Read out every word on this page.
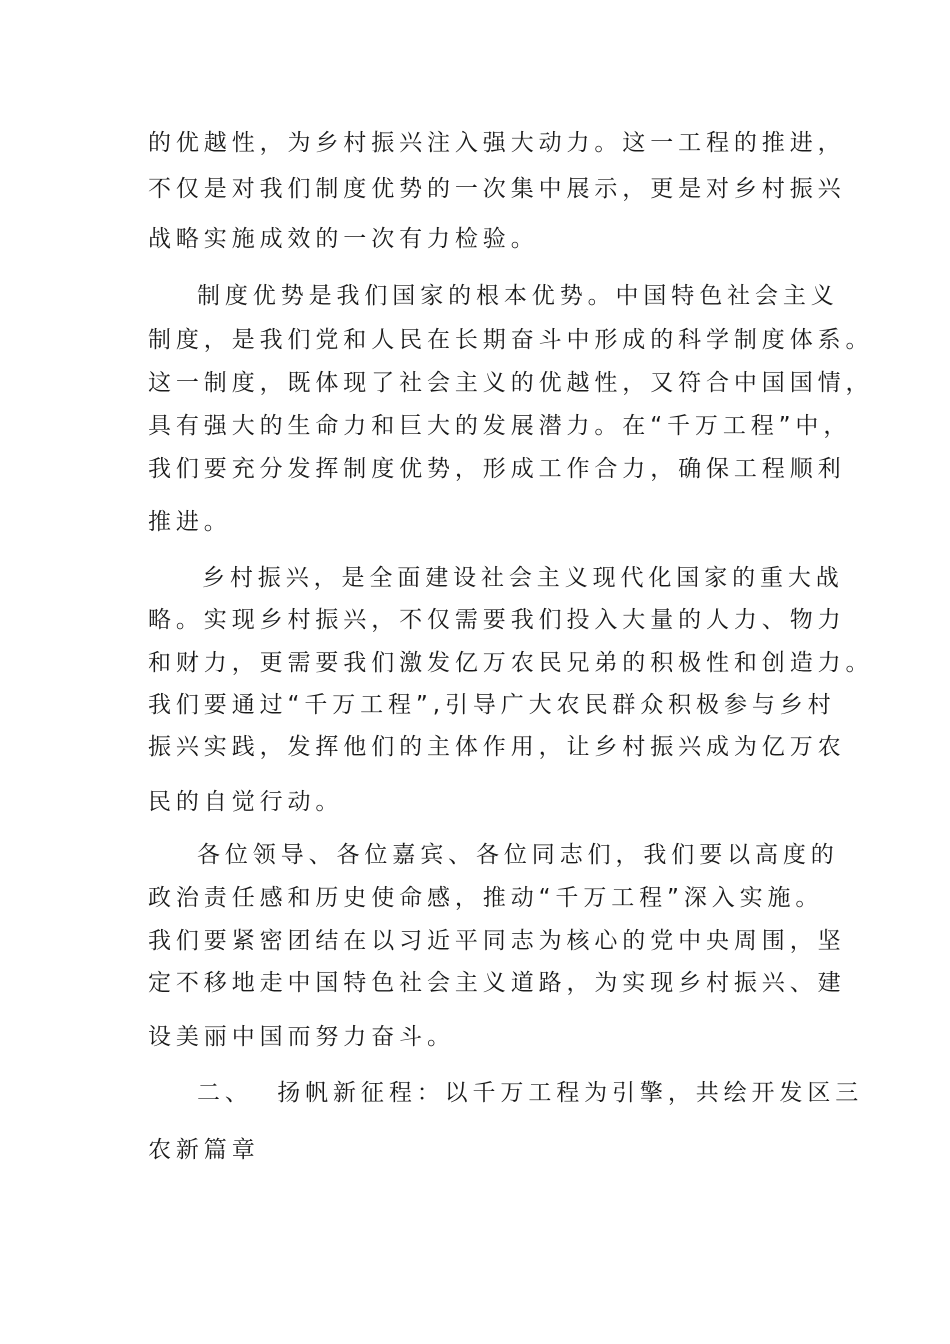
的优越性，为乡村振兴注入强大动力。这一工程的推进，
不仅是对我们制度优势的一次集中展示，更是对乡村振兴
战略实施成效的一次有力检验。
制度优势是我们国家的根本优势。中国特色社会主义
制度，是我们党和人民在长期奋斗中形成的科学制度体系。
这一制度，既体现了社会主义的优越性，又符合中国国情，
具有强大的生命力和巨大的发展潜力。在“千万工程”中，
我们要充分发挥制度优势，形成工作合力，确保工程顺利
推进。
乡村振兴，是全面建设社会主义现代化国家的重大战
略。实现乡村振兴，不仅需要我们投入大量的人力、物力
和财力，更需要我们激发亿万农民兄弟的积极性和创造力。
我们要通过“千万工程”,引导广大农民群众积极参与乡村
振兴实践，发挥他们的主体作用，让乡村振兴成为亿万农
民的自觉行动。
各位领导、各位嘉宾、各位同志们，我们要以高度的
政治责任感和历史使命感，推动“千万工程”深入实施。
我们要紧密团结在以习近平同志为核心的党中央周围，坚
定不移地走中国特色社会主义道路，为实现乡村振兴、建
设美丽中国而努力奋斗。
二、  扬帆新征程：以千万工程为引擎，共绘开发区三
农新篇章
